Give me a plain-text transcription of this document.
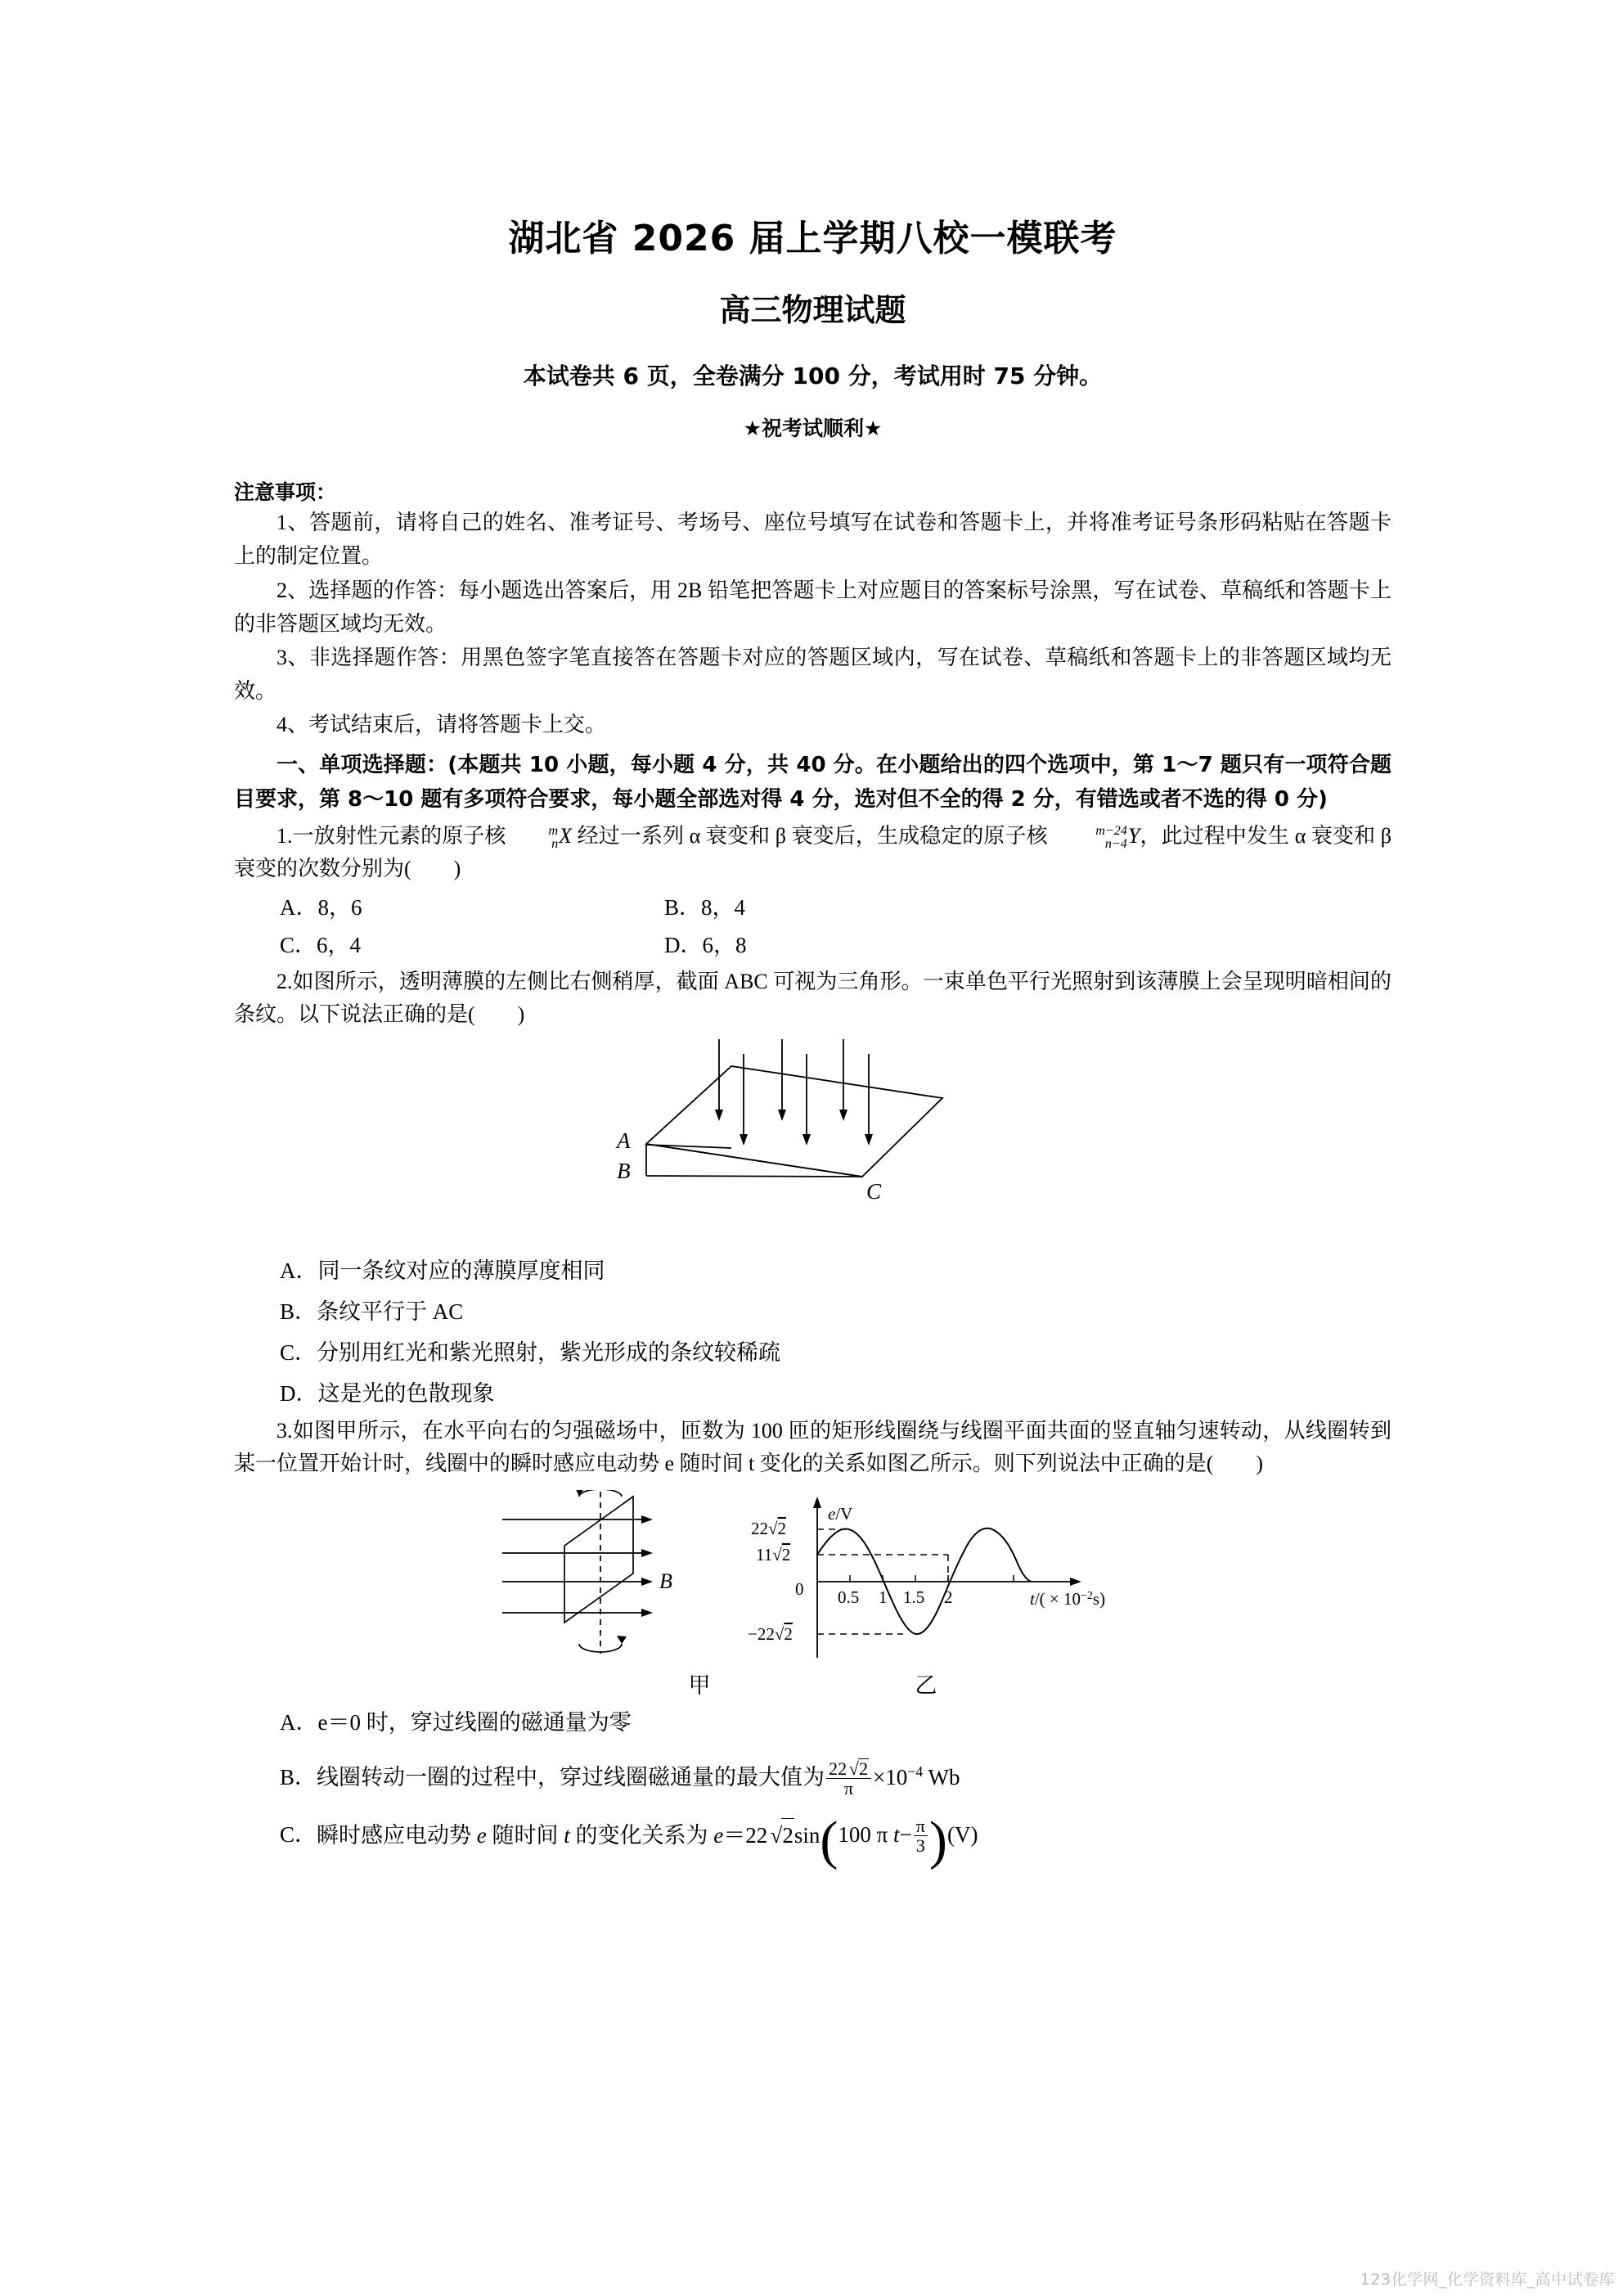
湖北省 2026 届上学期八校一模联考
高三物理试题
本试卷共 6 页，全卷满分 100 分，考试用时 75 分钟。
★祝考试顺利★
注意事项：

1、答题前，请将自己的姓名、准考证号、考场号、座位号填写在试卷和答题卡上，并将准考证号条形码粘贴在答题卡上的制定位置。

2、选择题的作答：每小题选出答案后，用 2B 铅笔把答题卡上对应题目的答案标号涂黑，写在试卷、草稿纸和答题卡上的非答题区域均无效。

3、非选择题作答：用黑色签字笔直接答在答题卡对应的答题区域内，写在试卷、草稿纸和答题卡上的非答题区域均无效。

4、考试结束后，请将答题卡上交。

一、单项选择题：(本题共 10 小题，每小题 4 分，共 40 分。在小题给出的四个选项中，第 1～7 题只有一项符合题目要求，第 8～10 题有多项符合要求，每小题全部选对得 4 分，选对但不全的得 2 分，有错选或者不选的得 0 分)

1.一放射性元素的原子核	m
n X 经过一系列 α 衰变和 β 衰变后，生成稳定的原子核	m−24
n−4 Y，此过程中发生 α 衰变和 β 衰变的次数分别为(　　)

A．8，6	B．8，4
C．6，4	D．6，8

2.如图所示，透明薄膜的左侧比右侧稍厚，截面 ABC 可视为三角形。一束单色平行光照射到该薄膜上会呈现明暗相间的条纹。以下说法正确的是(　　)

A
B
C
A．同一条纹对应的薄膜厚度相同
B．条纹平行于 AC
C．分别用红光和紫光照射，紫光形成的条纹较稀疏
D．这是光的色散现象

3.如图甲所示，在水平向右的匀强磁场中，匝数为 100 匝的矩形线圈绕与线圈平面共面的竖直轴匀速转动，从线圈转到某一位置开始计时，线圈中的瞬时感应电动势 e 随时间 t 变化的关系如图乙所示。则下列说法中正确的是(　　)

B
22√2
11√2
0
−22√2
0.5 1 1.5 2
e/V
$t/( \times 10^{-2}s)$
甲	乙
A．e＝0 时，穿过线圈的磁通量为零
B． 线圈转动一圈的过程中，穿过线圈磁通量的最大值为 $\frac{22 √ 2}{\pi} \times 10^{-4}$ Wb
C． 瞬时感应电动势 e 随时间 t 的变化关系为 e＝22 √ 2sin ( 100 π $t- \frac{\pi}{3}$ ) (V)
123化学网_化学资料库_高中试卷库
